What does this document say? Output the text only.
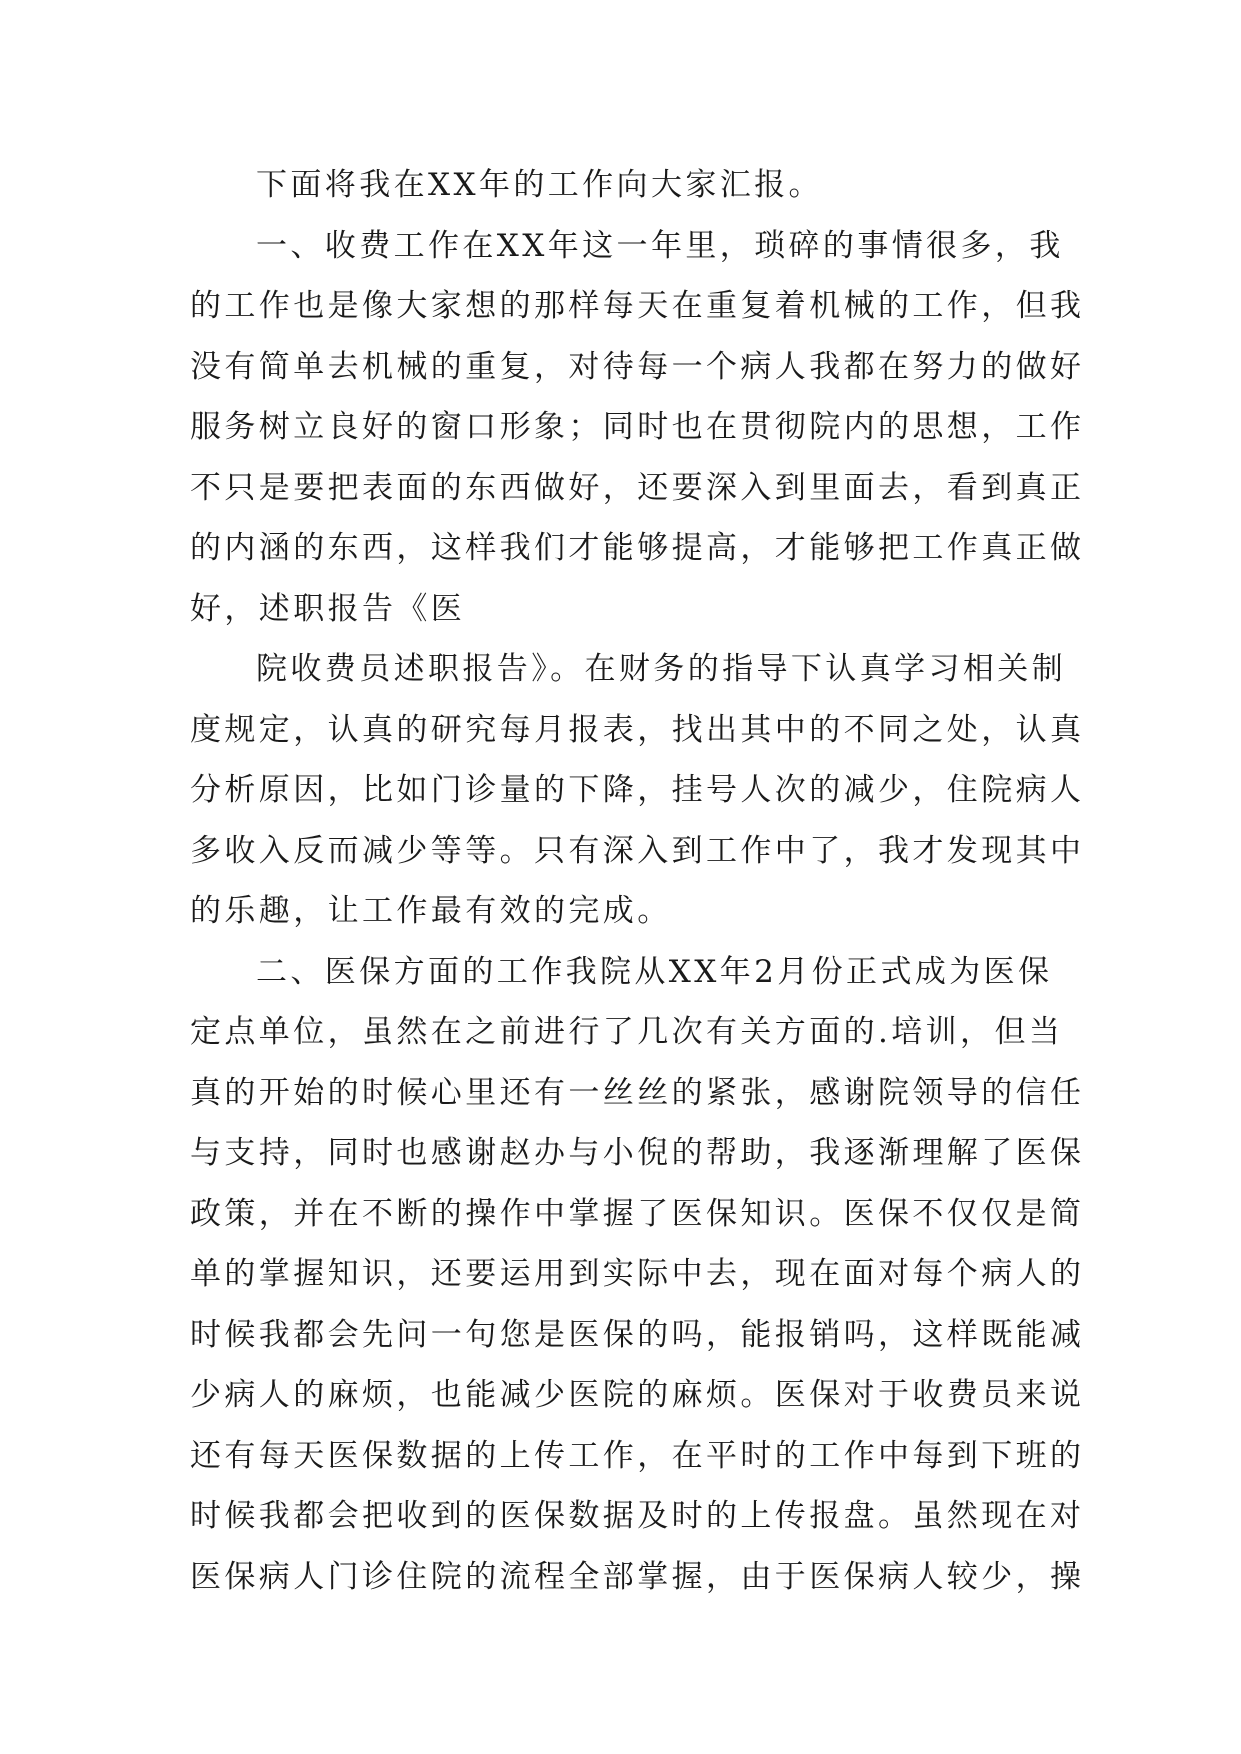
下面将我在XX年的工作向大家汇报。
一、收费工作在XX年这一年里，琐碎的事情很多，我
的工作也是像大家想的那样每天在重复着机械的工作，但我
没有简单去机械的重复，对待每一个病人我都在努力的做好
服务树立良好的窗口形象；同时也在贯彻院内的思想，工作
不只是要把表面的东西做好，还要深入到里面去，看到真正
的内涵的东西，这样我们才能够提高，才能够把工作真正做
好，述职报告《医
院收费员述职报告》。在财务的指导下认真学习相关制
度规定，认真的研究每月报表，找出其中的不同之处，认真
分析原因，比如门诊量的下降，挂号人次的减少，住院病人
多收入反而减少等等。只有深入到工作中了，我才发现其中
的乐趣，让工作最有效的完成。
二、医保方面的工作我院从XX年2月份正式成为医保
定点单位，虽然在之前进行了几次有关方面的.培训，但当
真的开始的时候心里还有一丝丝的紧张，感谢院领导的信任
与支持，同时也感谢赵办与小倪的帮助，我逐渐理解了医保
政策，并在不断的操作中掌握了医保知识。医保不仅仅是简
单的掌握知识，还要运用到实际中去，现在面对每个病人的
时候我都会先问一句您是医保的吗，能报销吗，这样既能减
少病人的麻烦，也能减少医院的麻烦。医保对于收费员来说
还有每天医保数据的上传工作，在平时的工作中每到下班的
时候我都会把收到的医保数据及时的上传报盘。虽然现在对
医保病人门诊住院的流程全部掌握，由于医保病人较少，操
